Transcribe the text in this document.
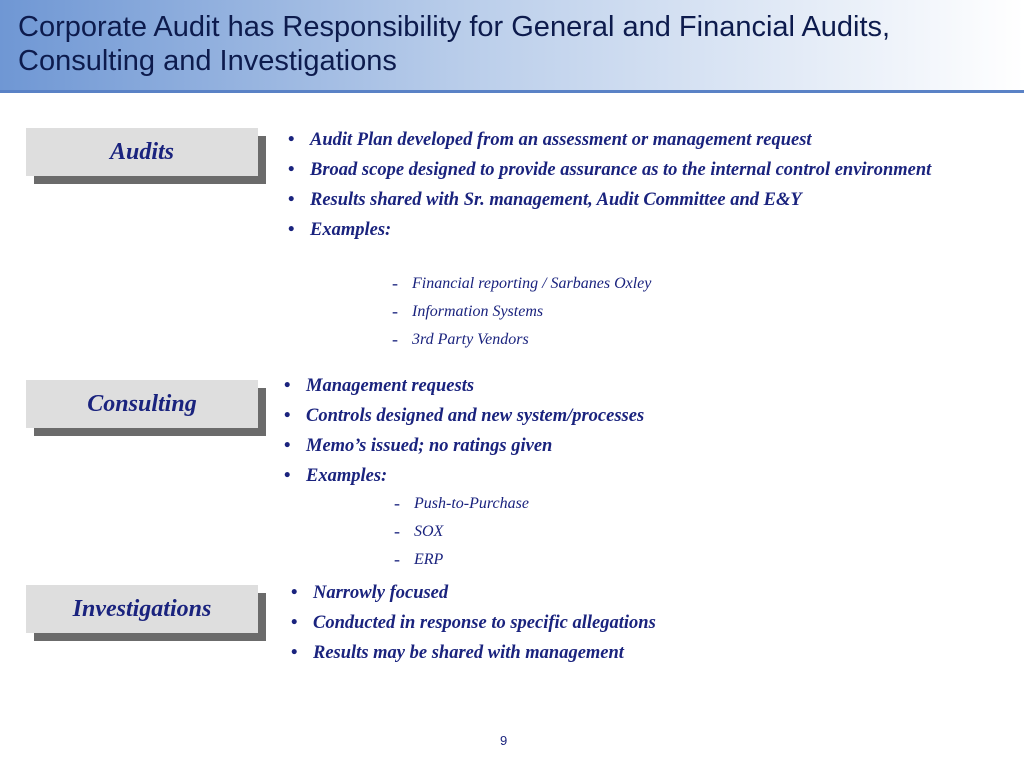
Corporate Audit has Responsibility for General and Financial Audits, Consulting and Investigations
Audits
•	Audit Plan developed from an assessment or management request
• Broad scope designed to provide assurance as to the internal control environment
• Results shared with Sr. management, Audit Committee and E&Y
• Examples:
- Financial reporting / Sarbanes Oxley
- Information Systems
- 3rd Party Vendors
Consulting
• Management requests
• Controls designed and new system/processes
• Memo’s issued; no ratings given
• Examples:
- Push-to-Purchase
- SOX
- ERP
Investigations
• Narrowly focused
• Conducted in response to specific allegations
• Results may be shared with management
9
